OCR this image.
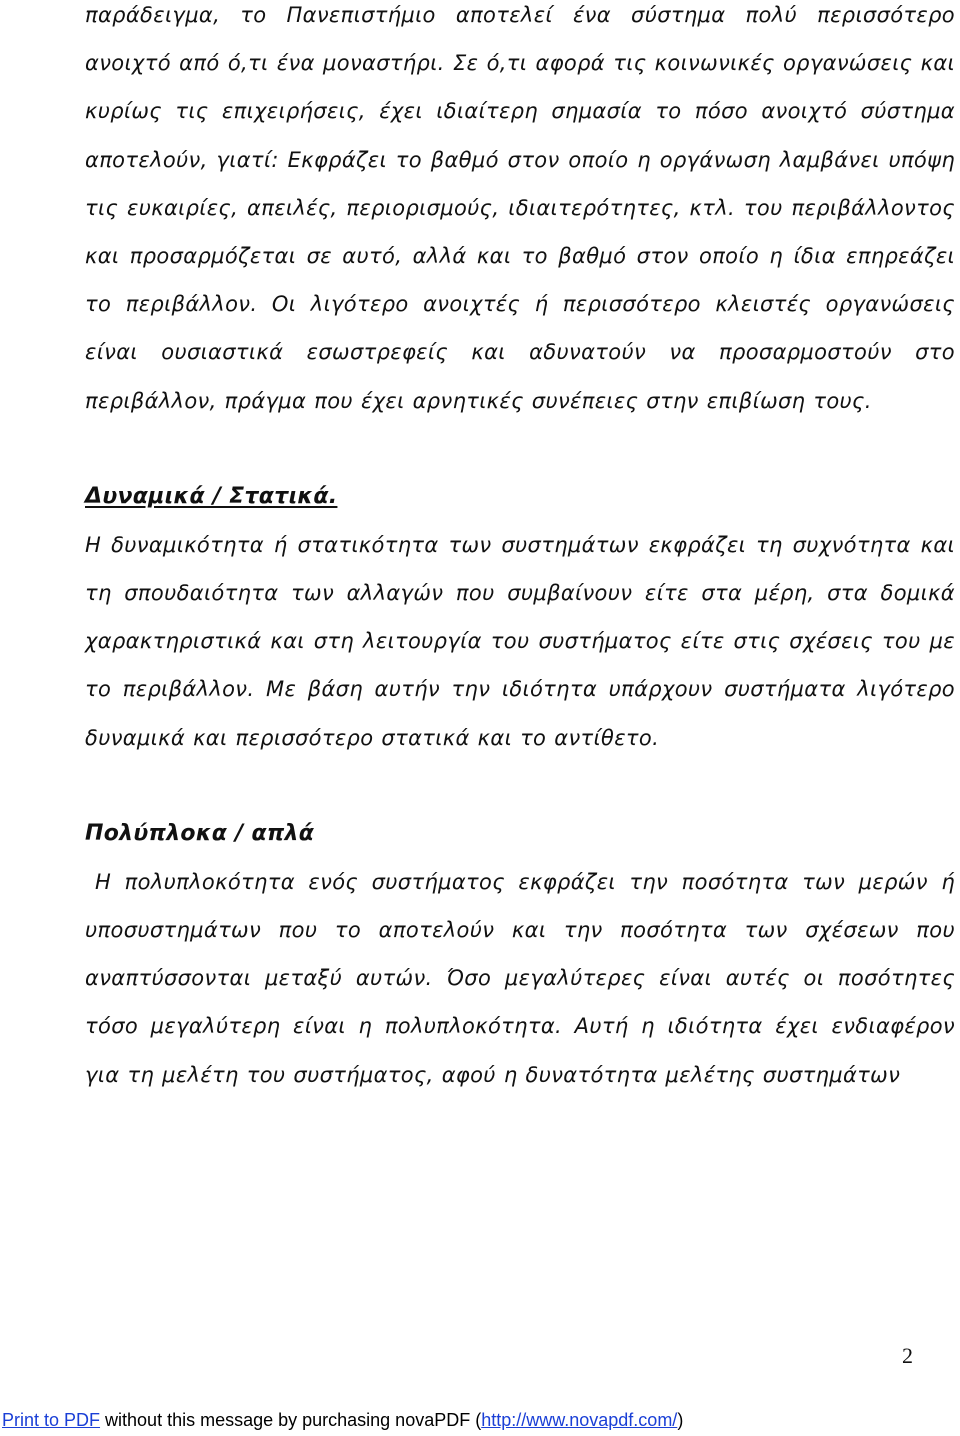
παράδειγμα, το Πανεπιστήμιο αποτελεί ένα σύστημα πολύ περισσότερο ανοιχτό από ό,τι ένα μοναστήρι. Σε ό,τι αφορά τις κοινωνικές οργανώσεις και κυρίως τις επιχειρήσεις, έχει ιδιαίτερη σημασία το πόσο ανοιχτό σύστημα αποτελούν, γιατί: Εκφράζει το βαθμό στον οποίο η οργάνωση λαμβάνει υπόψη τις ευκαιρίες, απειλές, περιορισμούς, ιδιαιτερότητες, κτλ. του περιβάλλοντος και προσαρμόζεται σε αυτό, αλλά και το βαθμό στον οποίο η ίδια επηρεάζει το περιβάλλον. Οι λιγότερο ανοιχτές ή περισσότερο κλειστές οργανώσεις είναι ουσιαστικά εσωστρεφείς και αδυνατούν να προσαρμοστούν στο περιβάλλον, πράγμα που έχει αρνητικές συνέπειες στην επιβίωση τους.

Δυναμικά / Στατικά.

Η δυναμικότητα ή στατικότητα των συστημάτων εκφράζει τη συχνότητα και τη σπουδαιότητα των αλλαγών που συμβαίνουν είτε στα μέρη, στα δομικά χαρακτηριστικά και στη λειτουργία του συστήματος είτε στις σχέσεις του με το περιβάλλον. Με βάση αυτήν την ιδιότητα υπάρχουν συστήματα λιγότερο δυναμικά και περισσότερο στατικά και το αντίθετο.

Πολύπλοκα / απλά

Η πολυπλοκότητα ενός συστήματος εκφράζει την ποσότητα των μερών ή υποσυστημάτων που το αποτελούν και την ποσότητα των σχέσεων που αναπτύσσονται μεταξύ αυτών. Όσο μεγαλύτερες είναι αυτές οι ποσότητες τόσο μεγαλύτερη είναι η πολυπλοκότητα. Αυτή η ιδιότητα έχει ενδιαφέρον για τη μελέτη του συστήματος, αφού η δυνατότητα μελέτης συστημάτων

2
Print to PDF without this message by purchasing novaPDF (http://www.novapdf.com/)
